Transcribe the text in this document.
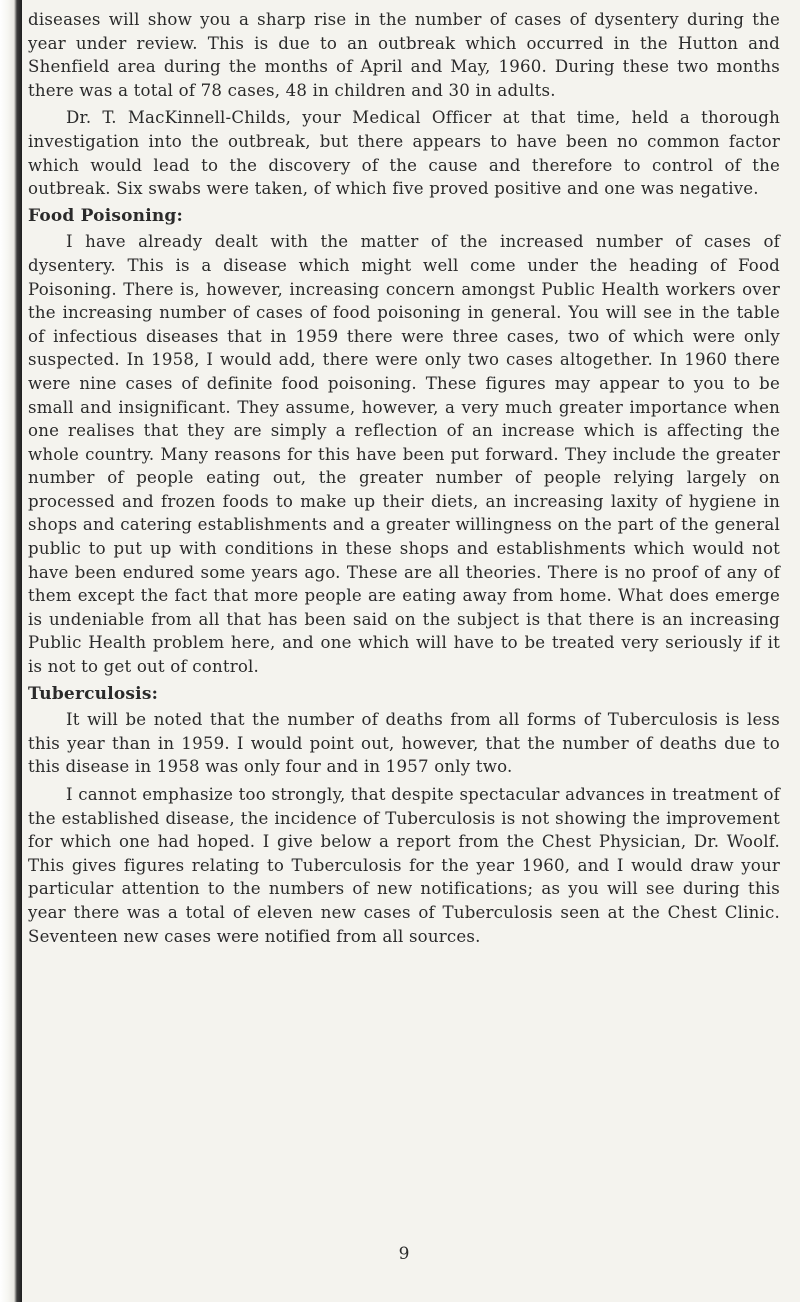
diseases will show you a sharp rise in the number of cases of dysentery during the year under review. This is due to an outbreak which occurred in the Hutton and Shenfield area during the months of April and May, 1960. During these two months there was a total of 78 cases, 48 in children and 30 in adults.

Dr. T. MacKinnell-Childs, your Medical Officer at that time, held a thorough investigation into the outbreak, but there appears to have been no common factor which would lead to the discovery of the cause and therefore to control of the outbreak. Six swabs were taken, of which five proved positive and one was negative.

Food Poisoning:

I have already dealt with the matter of the increased number of cases of dysentery. This is a disease which might well come under the heading of Food Poisoning. There is, however, increasing concern amongst Public Health workers over the increasing number of cases of food poisoning in general. You will see in the table of infectious diseases that in 1959 there were three cases, two of which were only suspected. In 1958, I would add, there were only two cases altogether. In 1960 there were nine cases of definite food poisoning. These figures may appear to you to be small and insignificant. They assume, however, a very much greater importance when one realises that they are simply a reflection of an increase which is affecting the whole country. Many reasons for this have been put forward. They include the greater number of people eating out, the greater number of people relying largely on processed and frozen foods to make up their diets, an increasing laxity of hygiene in shops and catering establishments and a greater willingness on the part of the general public to put up with conditions in these shops and establishments which would not have been endured some years ago. These are all theories. There is no proof of any of them except the fact that more people are eating away from home. What does emerge is undeniable from all that has been said on the subject is that there is an increasing Public Health problem here, and one which will have to be treated very seriously if it is not to get out of control.

Tuberculosis:

It will be noted that the number of deaths from all forms of Tuberculosis is less this year than in 1959. I would point out, however, that the number of deaths due to this disease in 1958 was only four and in 1957 only two.

I cannot emphasize too strongly, that despite spectacular advances in treatment of the established disease, the incidence of Tuberculosis is not showing the improvement for which one had hoped. I give below a report from the Chest Physician, Dr. Woolf. This gives figures relating to Tuberculosis for the year 1960, and I would draw your particular attention to the numbers of new notifications; as you will see during this year there was a total of eleven new cases of Tuberculosis seen at the Chest Clinic. Seventeen new cases were notified from all sources.

9
